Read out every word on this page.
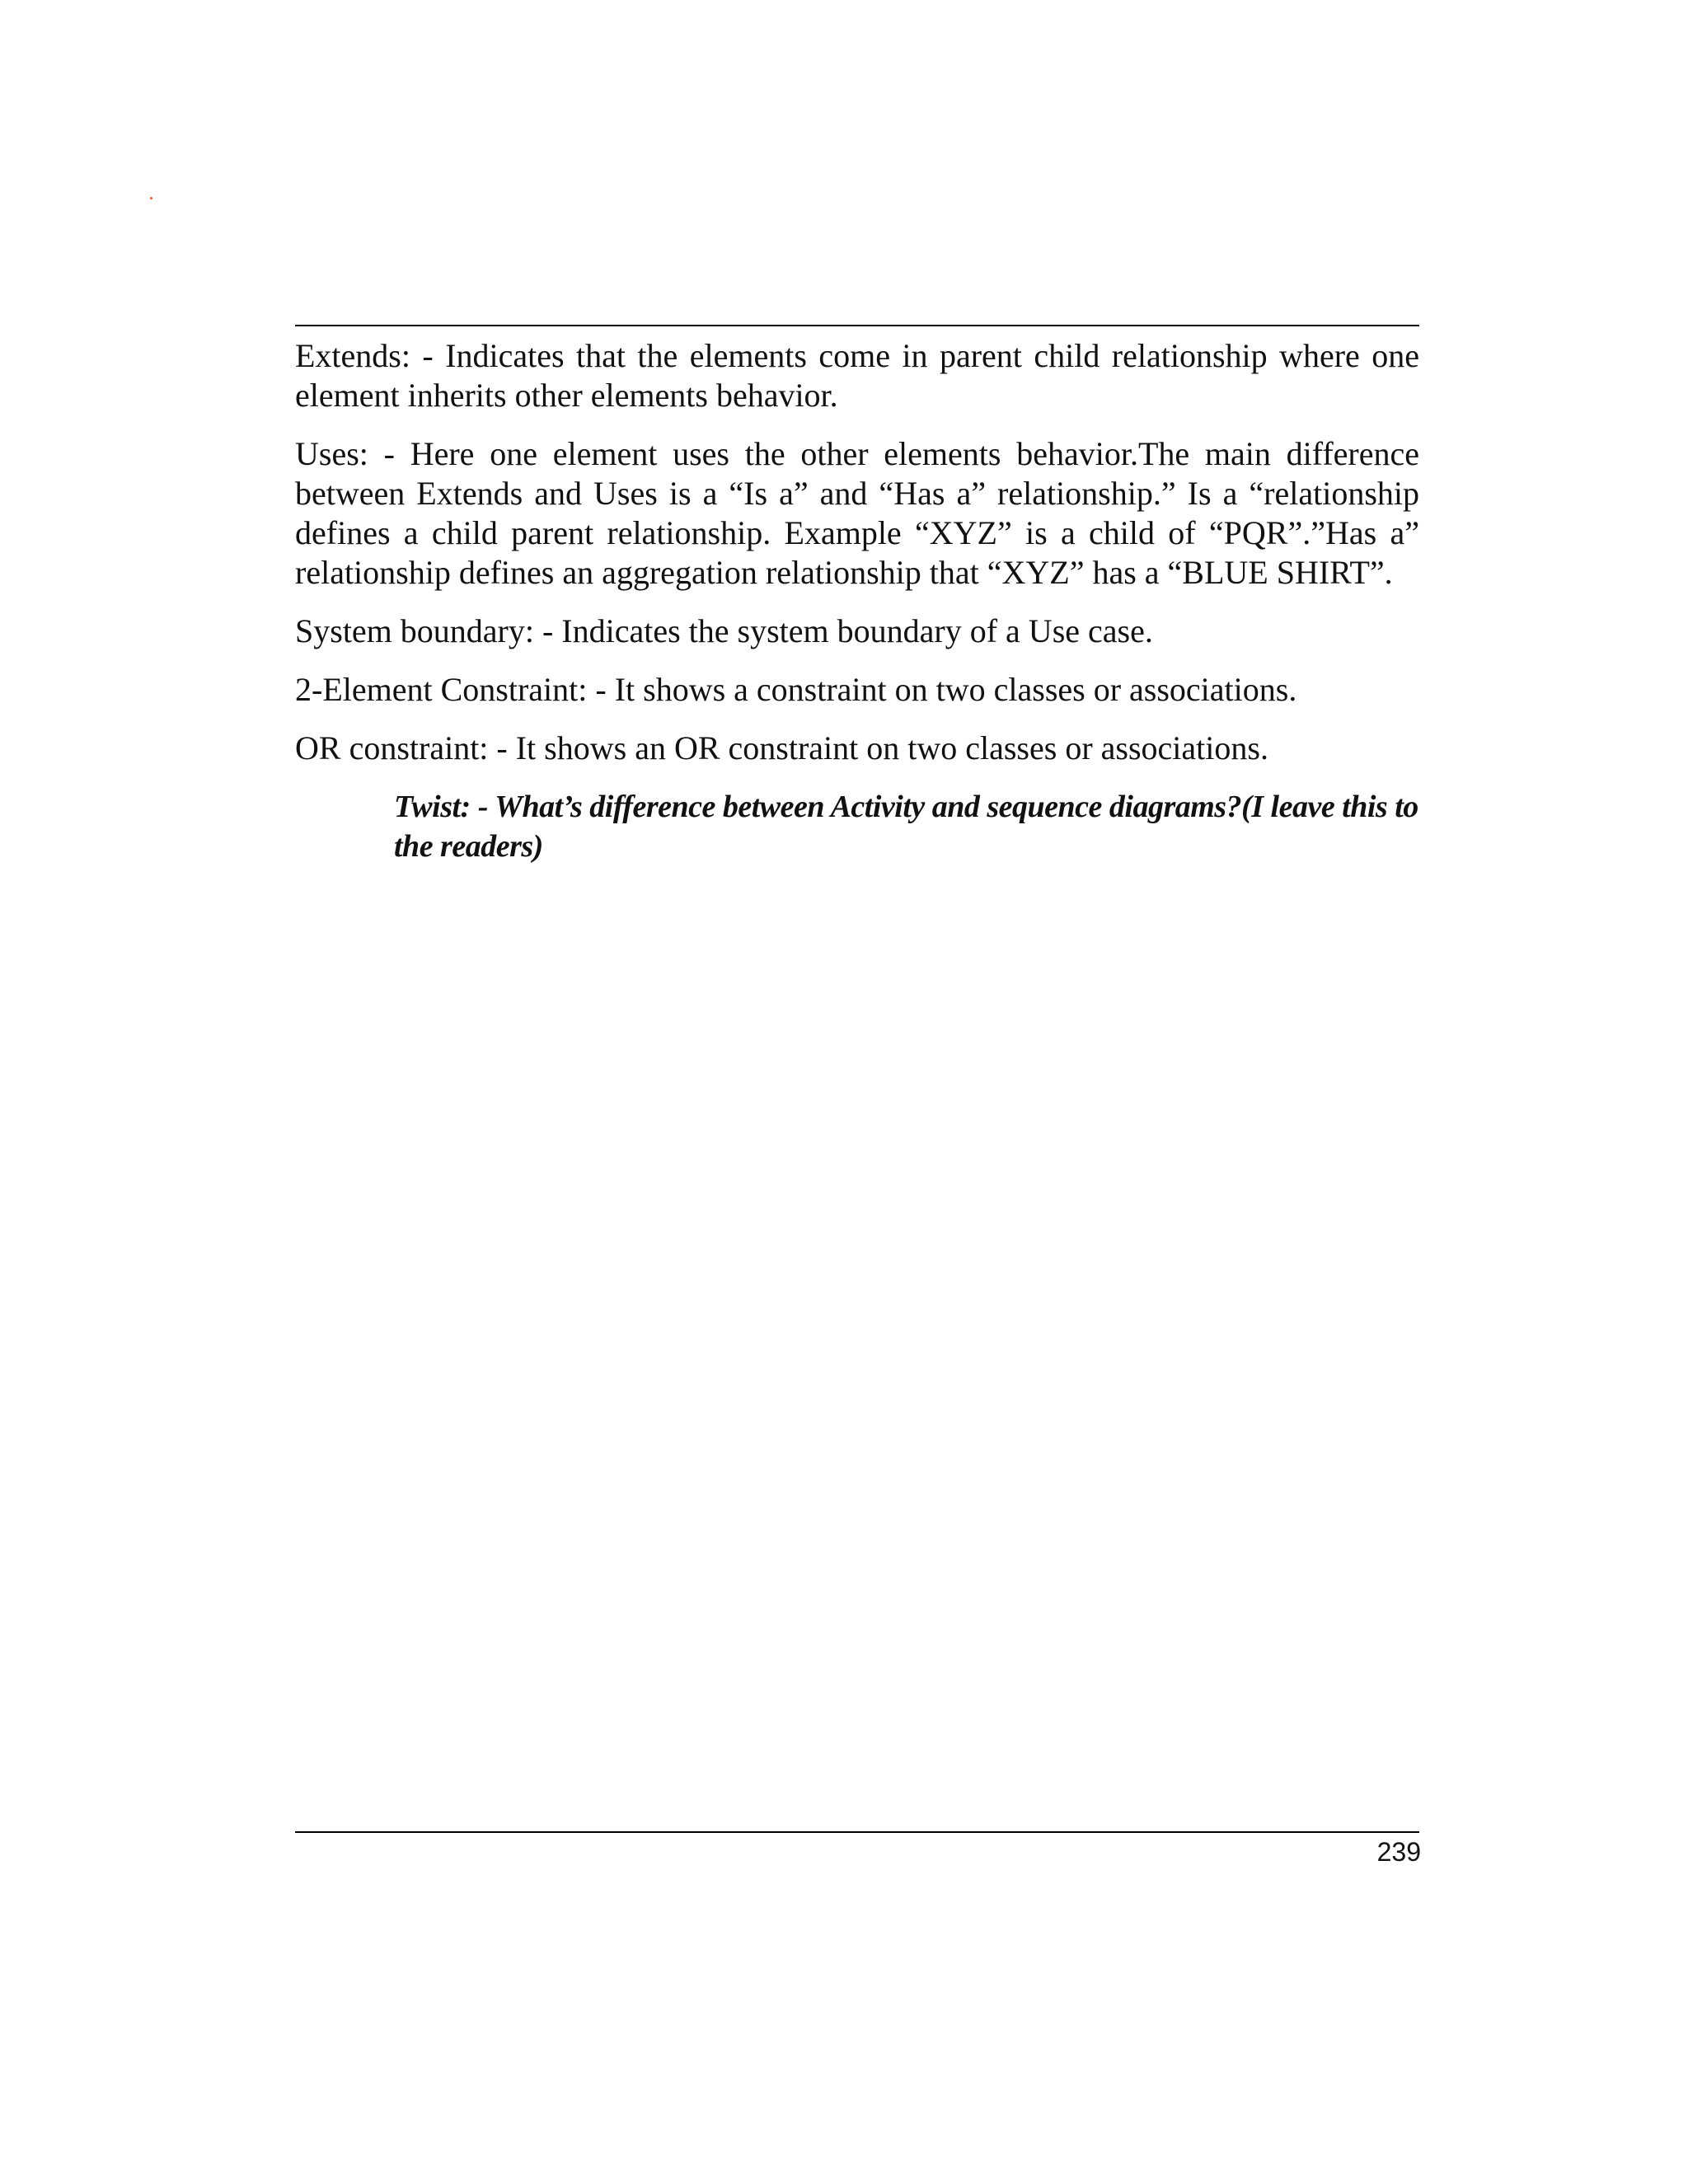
Extends: - Indicates that the elements come in parent child relationship where one element inherits other elements behavior.

Uses: - Here one element uses the other elements behavior.The main difference between Extends and Uses is a “Is a” and “Has a” relationship.” Is a “relationship defines a child parent relationship. Example “XYZ” is a child of “PQR”.”Has a” relationship defines an aggregation relationship that “XYZ” has a “BLUE SHIRT”.

System boundary: - Indicates the system boundary of a Use case.

2-Element Constraint: - It shows a constraint on two classes or associations.

OR constraint: - It shows an OR constraint on two classes or associations.

Twist: - What’s difference between Activity and sequence diagrams?(I leave this to the readers)

239
